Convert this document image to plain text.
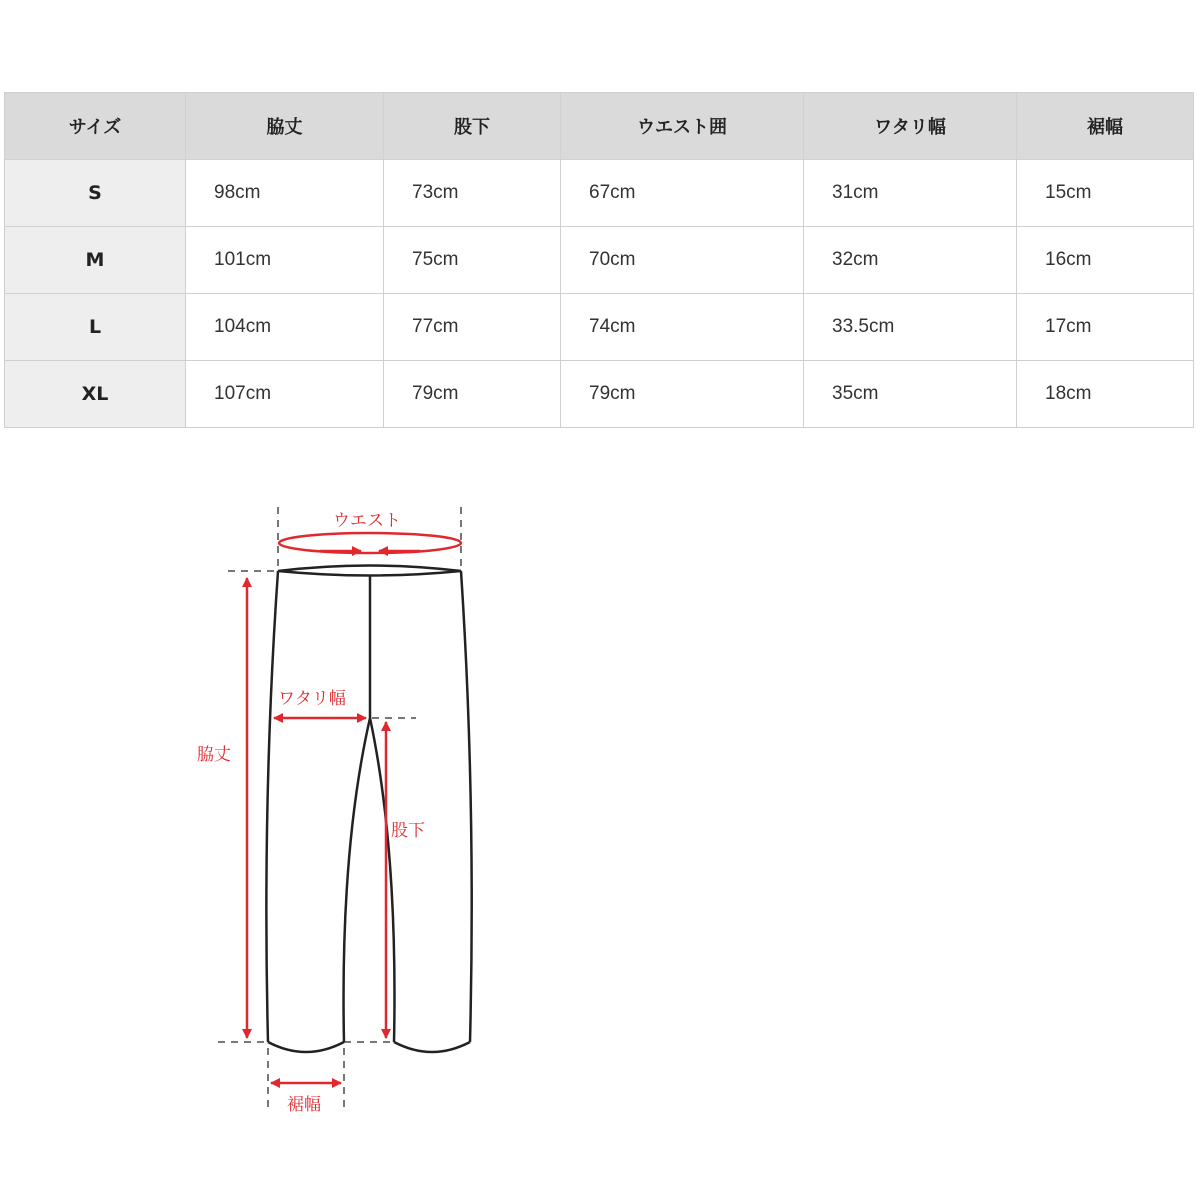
サイズ	脇丈	股下	ウエスト囲	ワタリ幅	裾幅
S	98cm	73cm	67cm	31cm	15cm
M	101cm	75cm	70cm	32cm	16cm
L	104cm	77cm	74cm	33.5cm	17cm
XL	107cm	79cm	79cm	35cm	18cm
ウエスト
ワタリ幅
脇丈
股下
裾幅
